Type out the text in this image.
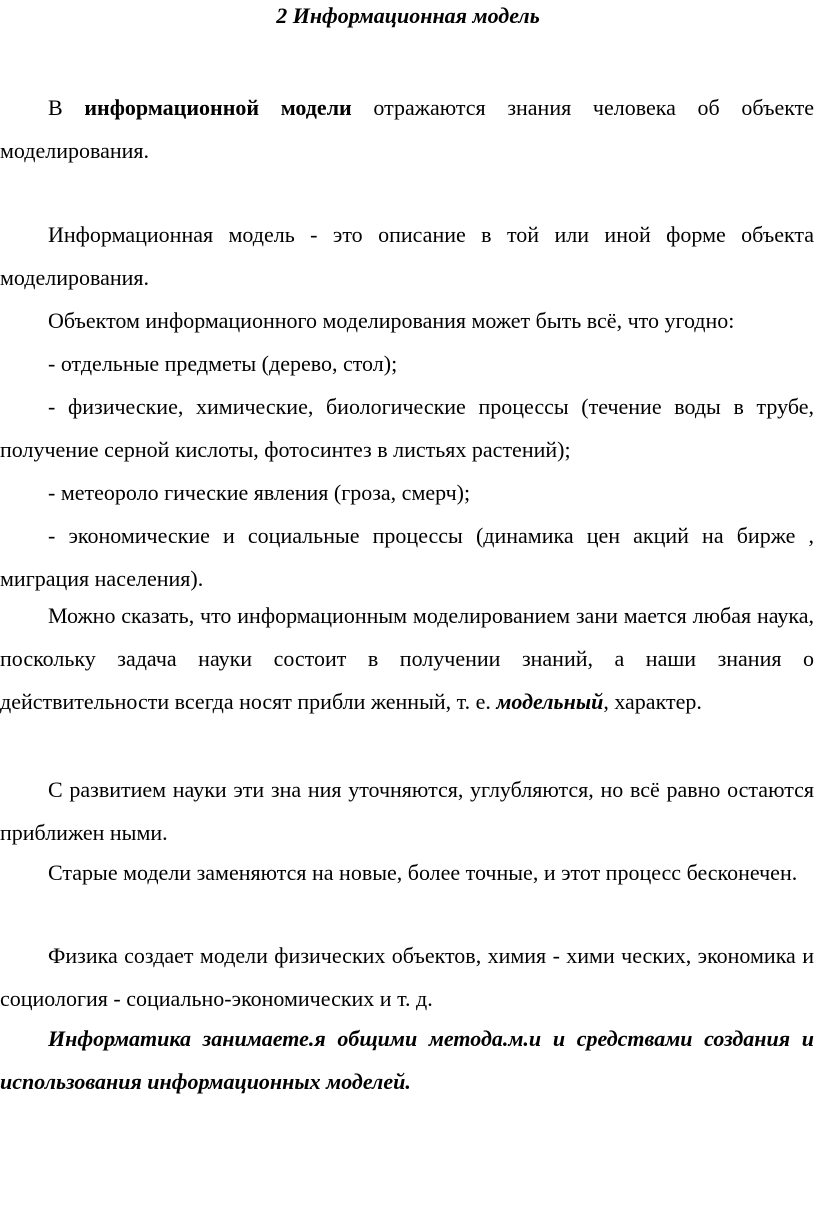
2 Информационная модель

В информационной модели отражаются знания человека об объекте моделирования.

Информационная модель - это описание в той или иной форме объекта моделирования.

Объектом информационного моделирования может быть всё, что угодно:

- отдельные предметы (дерево, стол);

- физические, химические, биологические процессы (течение воды в трубе, получение серной кислоты, фотосинтез в листьях растений);

- метеороло гические явления (гроза, смерч);

- экономические и социальные процессы (динамика цен акций на бирже , миграция населения).

Можно сказать, что информационным моделированием зани мается любая наука, поскольку задача науки состоит в получении знаний, а наши знания о действительности всегда носят прибли женный, т. е. модельный, характер.

С развитием науки эти зна ния уточняются, углубляются, но всё равно остаются приближен ными.

Старые модели заменяются на новые, более точные, и этот процесс бесконечен.

Физика создает модели физических объектов, химия - хими ческих, экономика и социология - социально-экономических и т. д.

Информатика занимаете.я общими метода.м.и и средствами создания и использования информационных моделей.
